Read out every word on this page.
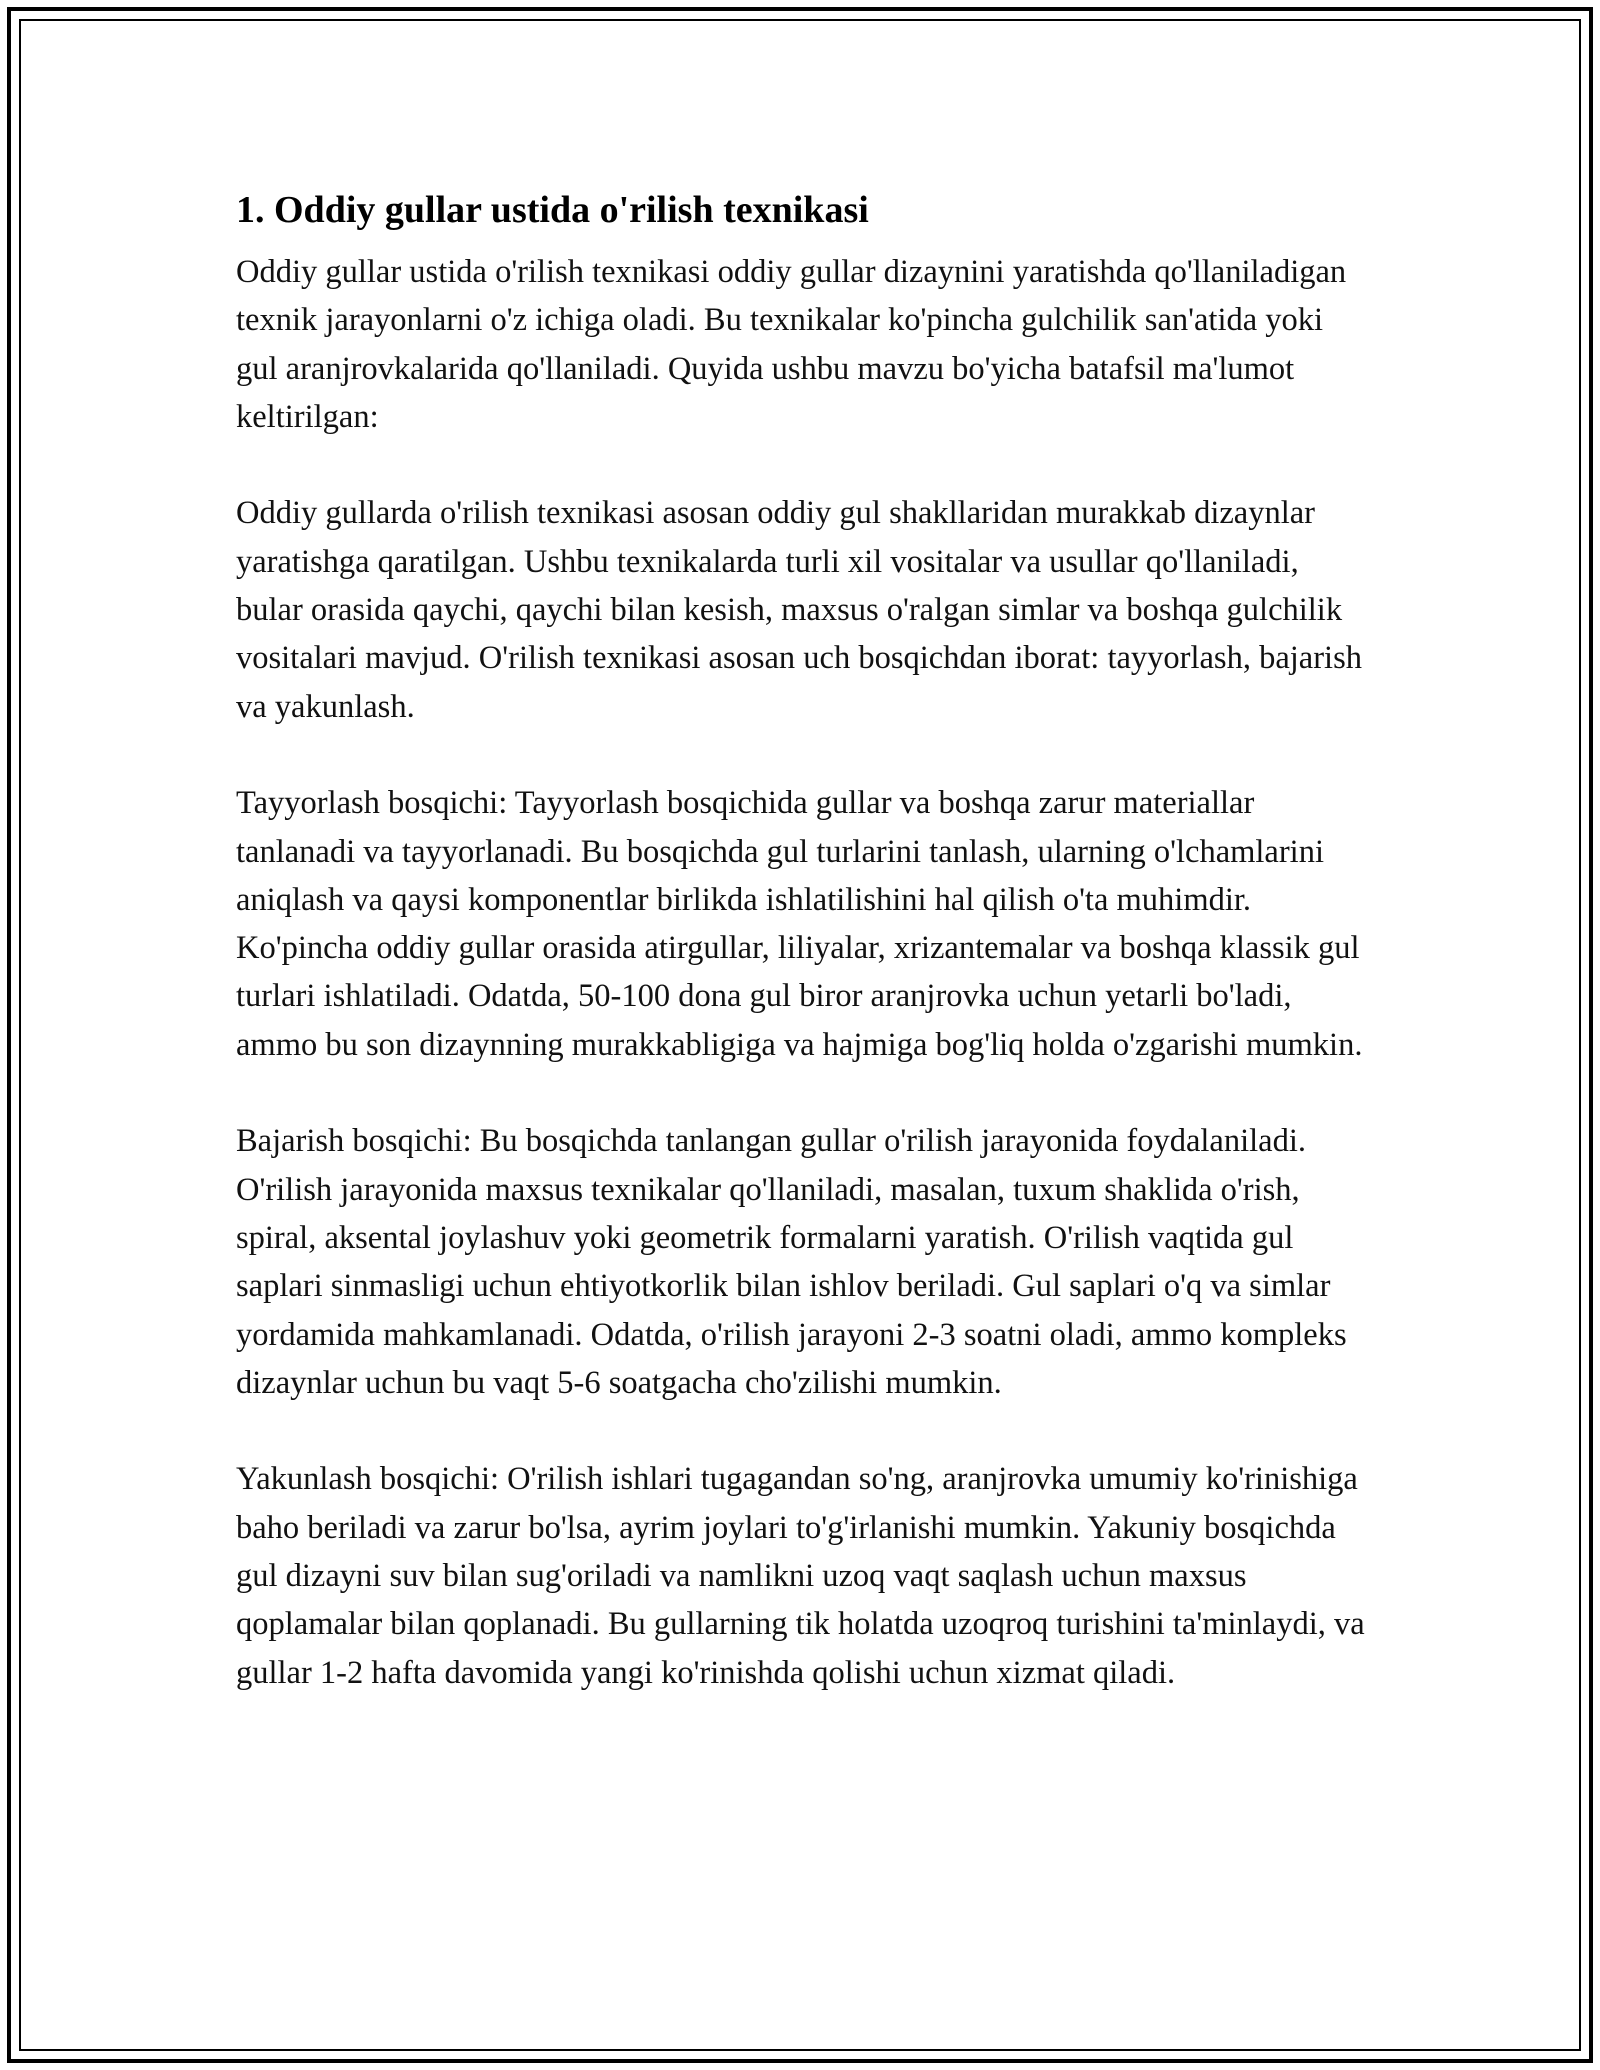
1. Oddiy gullar ustida o'rilish texnikasi

Oddiy gullar ustida o'rilish texnikasi oddiy gullar dizaynini yaratishda qo'llaniladigan texnik jarayonlarni o'z ichiga oladi. Bu texnikalar ko'pincha gulchilik san'atida yoki gul aranjrovkalarida qo'llaniladi. Quyida ushbu mavzu bo'yicha batafsil ma'lumot keltirilgan:

Oddiy gullarda o'rilish texnikasi asosan oddiy gul shakllaridan murakkab dizaynlar yaratishga qaratilgan. Ushbu texnikalarda turli xil vositalar va usullar qo'llaniladi, bular orasida qaychi, qaychi bilan kesish, maxsus o'ralgan simlar va boshqa gulchilik vositalari mavjud. O'rilish texnikasi asosan uch bosqichdan iborat: tayyorlash, bajarish va yakunlash.

Tayyorlash bosqichi: Tayyorlash bosqichida gullar va boshqa zarur materiallar tanlanadi va tayyorlanadi. Bu bosqichda gul turlarini tanlash, ularning o'lchamlarini aniqlash va qaysi komponentlar birlikda ishlatilishini hal qilish o'ta muhimdir. Ko'pincha oddiy gullar orasida atirgullar, liliyalar, xrizantemalar va boshqa klassik gul turlari ishlatiladi. Odatda, 50-100 dona gul biror aranjrovka uchun yetarli bo'ladi, ammo bu son dizaynning murakkabligiga va hajmiga bog'liq holda o'zgarishi mumkin.

Bajarish bosqichi: Bu bosqichda tanlangan gullar o'rilish jarayonida foydalaniladi. O'rilish jarayonida maxsus texnikalar qo'llaniladi, masalan, tuxum shaklida o'rish, spiral, aksental joylashuv yoki geometrik formalarni yaratish. O'rilish vaqtida gul saplari sinmasligi uchun ehtiyotkorlik bilan ishlov beriladi. Gul saplari o'q va simlar yordamida mahkamlanadi. Odatda, o'rilish jarayoni 2-3 soatni oladi, ammo kompleks dizaynlar uchun bu vaqt 5-6 soatgacha cho'zilishi mumkin.

Yakunlash bosqichi: O'rilish ishlari tugagandan so'ng, aranjrovka umumiy ko'rinishiga baho beriladi va zarur bo'lsa, ayrim joylari to'g'irlanishi mumkin. Yakuniy bosqichda gul dizayni suv bilan sug'oriladi va namlikni uzoq vaqt saqlash uchun maxsus qoplamalar bilan qoplanadi. Bu gullarning tik holatda uzoqroq turishini ta'minlaydi, va gullar 1-2 hafta davomida yangi ko'rinishda qolishi uchun xizmat qiladi.
